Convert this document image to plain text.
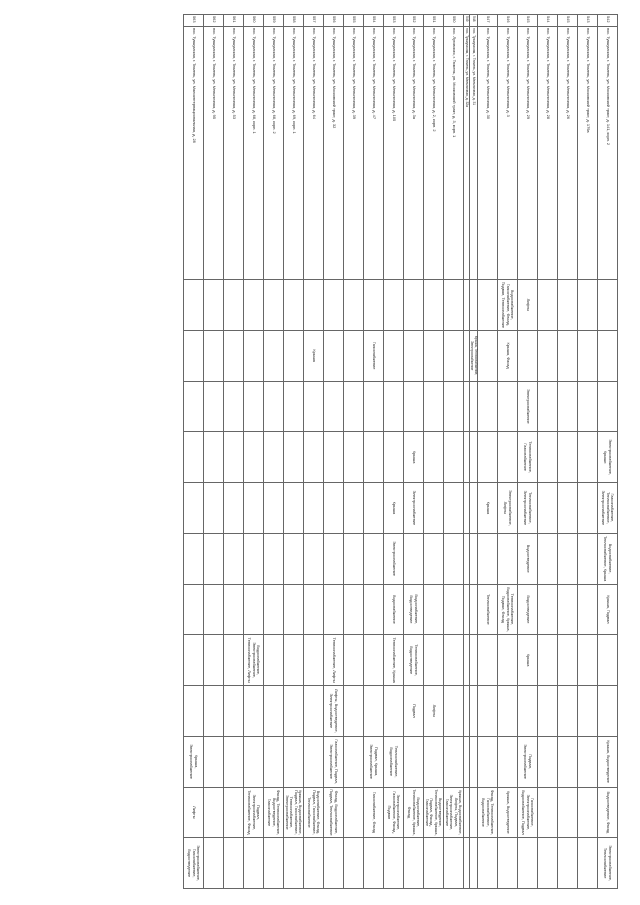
542	пос. Тукшумская, г. Тюмень, ул. Московский тракт, д. 141, корп. 2				Электроснабжение, Крыши	Газоснабжение, Теплоснабжение, Электроснабжение	Водоснабжение, Теплоснабжение, Крыша	Крыша, Подвал			Крыша, Водоотведение	Водоотведение, Фасад	Электроснабжение, Теплоснабжение
543	пос. Тукшумская, г. Тюмень, ул. Московский тракт, д. 179а												
545	пос. Тукшумская, г. Тюмень, ул. Мельничная, д. 26												
544	пос. Тукшумская, г. Тюмень, ул. Мельничная, д. 28												
545	пос. Тукшумская, г. Тюмень, ул. Мельничная, д. 29	Лифты		Электроснабжение	Теплоснабжение, Газоснабжение	Теплоснабжение, Электроснабжение	Водоотведение	Водоотведение	Крыша		Подвал, Электроснабжение	Газоснабжение, Электроснабжение, Водоснабжение, Подвал	
546	пос. Тукшумская, г. Тюмень, ул. Мельничная, д. 3	Водоснабжение, Газоснабжение, Фасад, Подвал, Теплоснабжение	Крыша, Фасад			Электроснабжение, Лифты		Теплоснабжение, Водоснабжение, Крыша, Подвал, Фасад				Крыша, Водоотведение	
547	пос. Тукшумская, г. Тюмень, ул. Мельничная, д. 30					Крыша		Теплоснабжение				Фасад, Теплоснабжение, Газоснабжение, Водоснабжение	
548	пос. Тукшумская, г. Тюмень, ул. Мельничная, д. 31		Крыша, Теплоснабжение, Электроснабжение										
549	пос. Тукшумская, г. Тюмень, ул. Мельничная, д. 32а												
550	пос. Луговская, г. Тюмень, ул. Московский тракт, д. 3, корп. 1											Крыша, Водоснабжение, Лифты, Подвал, Электроснабжение, Газоснабжение	
551	пос. Тукшумская, г. Тюмень, ул. Мельничная, д. 2, корп. 2									Лифты		Водоотведение, Теплоснабжение, Крыша, Подвал, Фасад, Газоснабжение	
552	пос. Тукшумская, г. Тюмень, ул. Мельничная, д. 3а				Крыша	Электроснабжение		Водоснабжение, Водоотведение	Теплоснабжение, Водоотведение	Подвал		Водоснабжение, Теплоснабжение, Крыша, Фасад	
553	пос. Тукшумская, г. Тюмень, ул. Мельничная, д. 105					Крыша	Электроснабжение	Водоснабжение	Теплоснабжение, Крыша		Теплоснабжение, Водоснабжение	Электроснабжение, Газоснабжение, Фасад, Подвал	
554	пос. Тукшумская, г. Тюмень, ул. Мельничная, д. 47		Газоснабжение								Подвал, Крыша, Электроснабжение	Газоснабжение, Фасад	
555	пос. Тукшумская, г. Тюмень, ул. Мельничная, д. 39												
556	пос. Тукшумская, г. Тюмень, ул. Московский тракт, д. 32								Теплоснабжение, Лифты	Лифты, Водоотведение, Электроснабжение	Газоснабжение, Подвал, Электроснабжение	Фасад, Водоснабжение, Подвал, Теплоснабжение	
557	пос. Тукшумская, г. Тюмень, ул. Мельничная, д. 64		Крыша									Водоснабжение, Фасад, Подвал, Газоснабжение, Теплоснабжение	
558	пос. Тукшумская, г. Тюмень, ул. Мельничная, д. 69, корп. 1											Крыша, Водоснабжение, Подвал, Газоснабжение, Теплоснабжение, Электроснабжение	
559	пос. Тукшумская, г. Тюмень, ул. Мельничная, д. 68, корп. 2											Фасад, Теплоснабжение, Водоотведение, Газоснабжение	
560	пос. Тукшумская, г. Тюмень, ул. Мельничная, д. 68, корп. 1								Водоснабжение, Электроснабжение, Теплоснабжение, Лифты			Подвал, Электроснабжение, Теплоснабжение, Фасад	
561	пос. Тукшумская, г. Тюмень, ул. Мельничная, д. 53												
562	пос. Тукшумская, г. Тюмень, ул. Мельничная, д. 95												
563	пос. Тукшумская, г. Тюмень, ул. Малоинтернациональная, д. 28										Крыша, Электроснабжение	Лифты	Электроснабжение, Газоснабжение, Водоотведение
